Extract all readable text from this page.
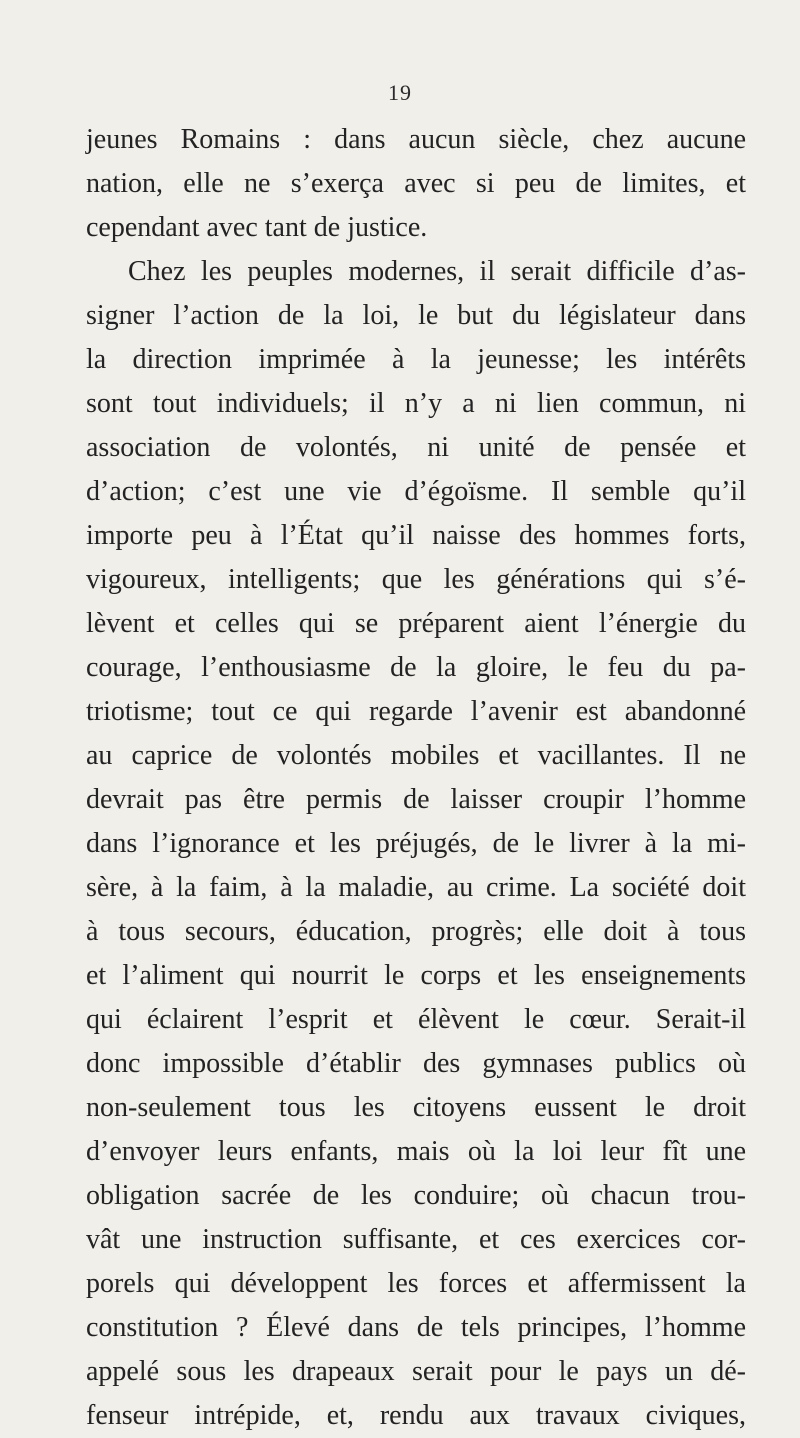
19
jeunes Romains : dans aucun siècle, chez aucune
nation, elle ne s’exerça avec si peu de limites, et
cependant avec tant de justice.
Chez les peuples modernes, il serait difficile d’as-
signer l’action de la loi, le but du législateur dans
la direction imprimée à la jeunesse; les intérêts
sont tout individuels; il n’y a ni lien commun, ni
association de volontés, ni unité de pensée et
d’action; c’est une vie d’égoïsme. Il semble qu’il
importe peu à l’État qu’il naisse des hommes forts,
vigoureux, intelligents; que les générations qui s’é-
lèvent et celles qui se préparent aient l’énergie du
courage, l’enthousiasme de la gloire, le feu du pa-
triotisme; tout ce qui regarde l’avenir est abandonné
au caprice de volontés mobiles et vacillantes. Il ne
devrait pas être permis de laisser croupir l’homme
dans l’ignorance et les préjugés, de le livrer à la mi-
sère, à la faim, à la maladie, au crime. La société doit
à tous secours, éducation, progrès; elle doit à tous
et l’aliment qui nourrit le corps et les enseignements
qui éclairent l’esprit et élèvent le cœur. Serait-il
donc impossible d’établir des gymnases publics où
non-seulement tous les citoyens eussent le droit
d’envoyer leurs enfants, mais où la loi leur fît une
obligation sacrée de les conduire; où chacun trou-
vât une instruction suffisante, et ces exercices cor-
porels qui développent les forces et affermissent la
constitution ? Élevé dans de tels principes, l’homme
appelé sous les drapeaux serait pour le pays un dé-
fenseur intrépide, et, rendu aux travaux civiques,
